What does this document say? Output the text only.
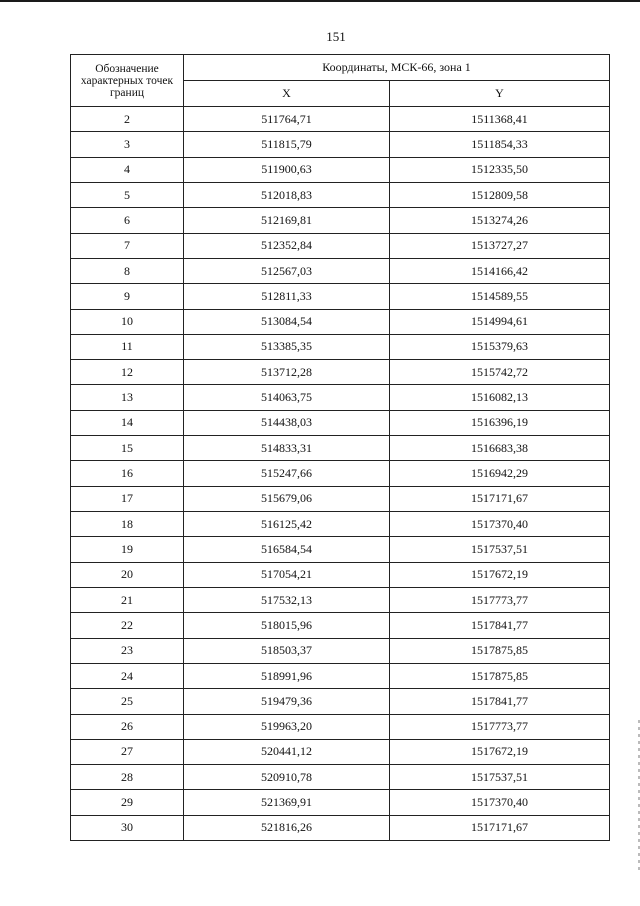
151
Обозначение характерных точек границ	Координаты, МСК-66, зона 1	
	X	Y
2	511764,71	1511368,41
3	511815,79	1511854,33
4	511900,63	1512335,50
5	512018,83	1512809,58
6	512169,81	1513274,26
7	512352,84	1513727,27
8	512567,03	1514166,42
9	512811,33	1514589,55
10	513084,54	1514994,61
11	513385,35	1515379,63
12	513712,28	1515742,72
13	514063,75	1516082,13
14	514438,03	1516396,19
15	514833,31	1516683,38
16	515247,66	1516942,29
17	515679,06	1517171,67
18	516125,42	1517370,40
19	516584,54	1517537,51
20	517054,21	1517672,19
21	517532,13	1517773,77
22	518015,96	1517841,77
23	518503,37	1517875,85
24	518991,96	1517875,85
25	519479,36	1517841,77
26	519963,20	1517773,77
27	520441,12	1517672,19
28	520910,78	1517537,51
29	521369,91	1517370,40
30	521816,26	1517171,67
